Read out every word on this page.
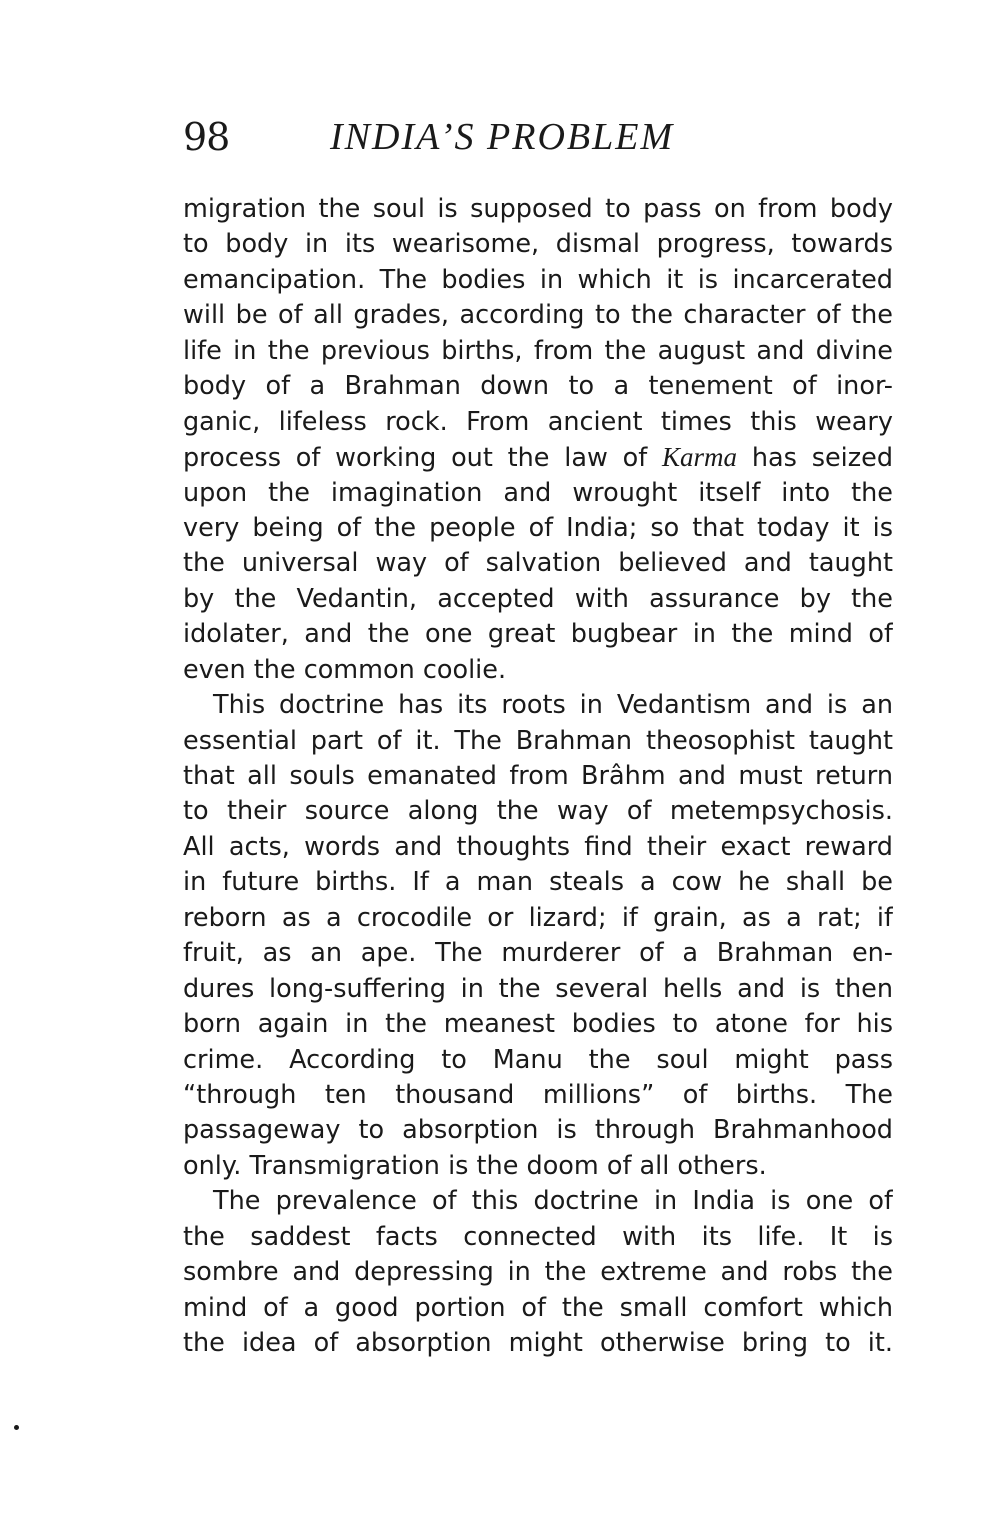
98	INDIA’S PROBLEM
migration the soul is supposed to pass on from body
to body in its wearisome, dismal progress, towards
emancipation. The bodies in which it is incarcerated
will be of all grades, according to the character of the
life in the previous births, from the august and divine
body of a Brahman down to a tenement of inor-
ganic, lifeless rock. From ancient times this weary
process of working out the law of Karma has seized
upon the imagination and wrought itself into the
very being of the people of India; so that today it is
the universal way of salvation believed and taught
by the Vedantin, accepted with assurance by the
idolater, and the one great bugbear in the mind of
even the common coolie.
This doctrine has its roots in Vedantism and is an
essential part of it. The Brahman theosophist taught
that all souls emanated from Brâhm and must return
to their source along the way of metempsychosis.
All acts, words and thoughts find their exact reward
in future births. If a man steals a cow he shall be
reborn as a crocodile or lizard; if grain, as a rat; if
fruit, as an ape. The murderer of a Brahman en-
dures long-suffering in the several hells and is then
born again in the meanest bodies to atone for his
crime. According to Manu the soul might pass
“through ten thousand millions” of births. The
passageway to absorption is through Brahmanhood
only. Transmigration is the doom of all others.
The prevalence of this doctrine in India is one of
the saddest facts connected with its life. It is
sombre and depressing in the extreme and robs the
mind of a good portion of the small comfort which
the idea of absorption might otherwise bring to it.
